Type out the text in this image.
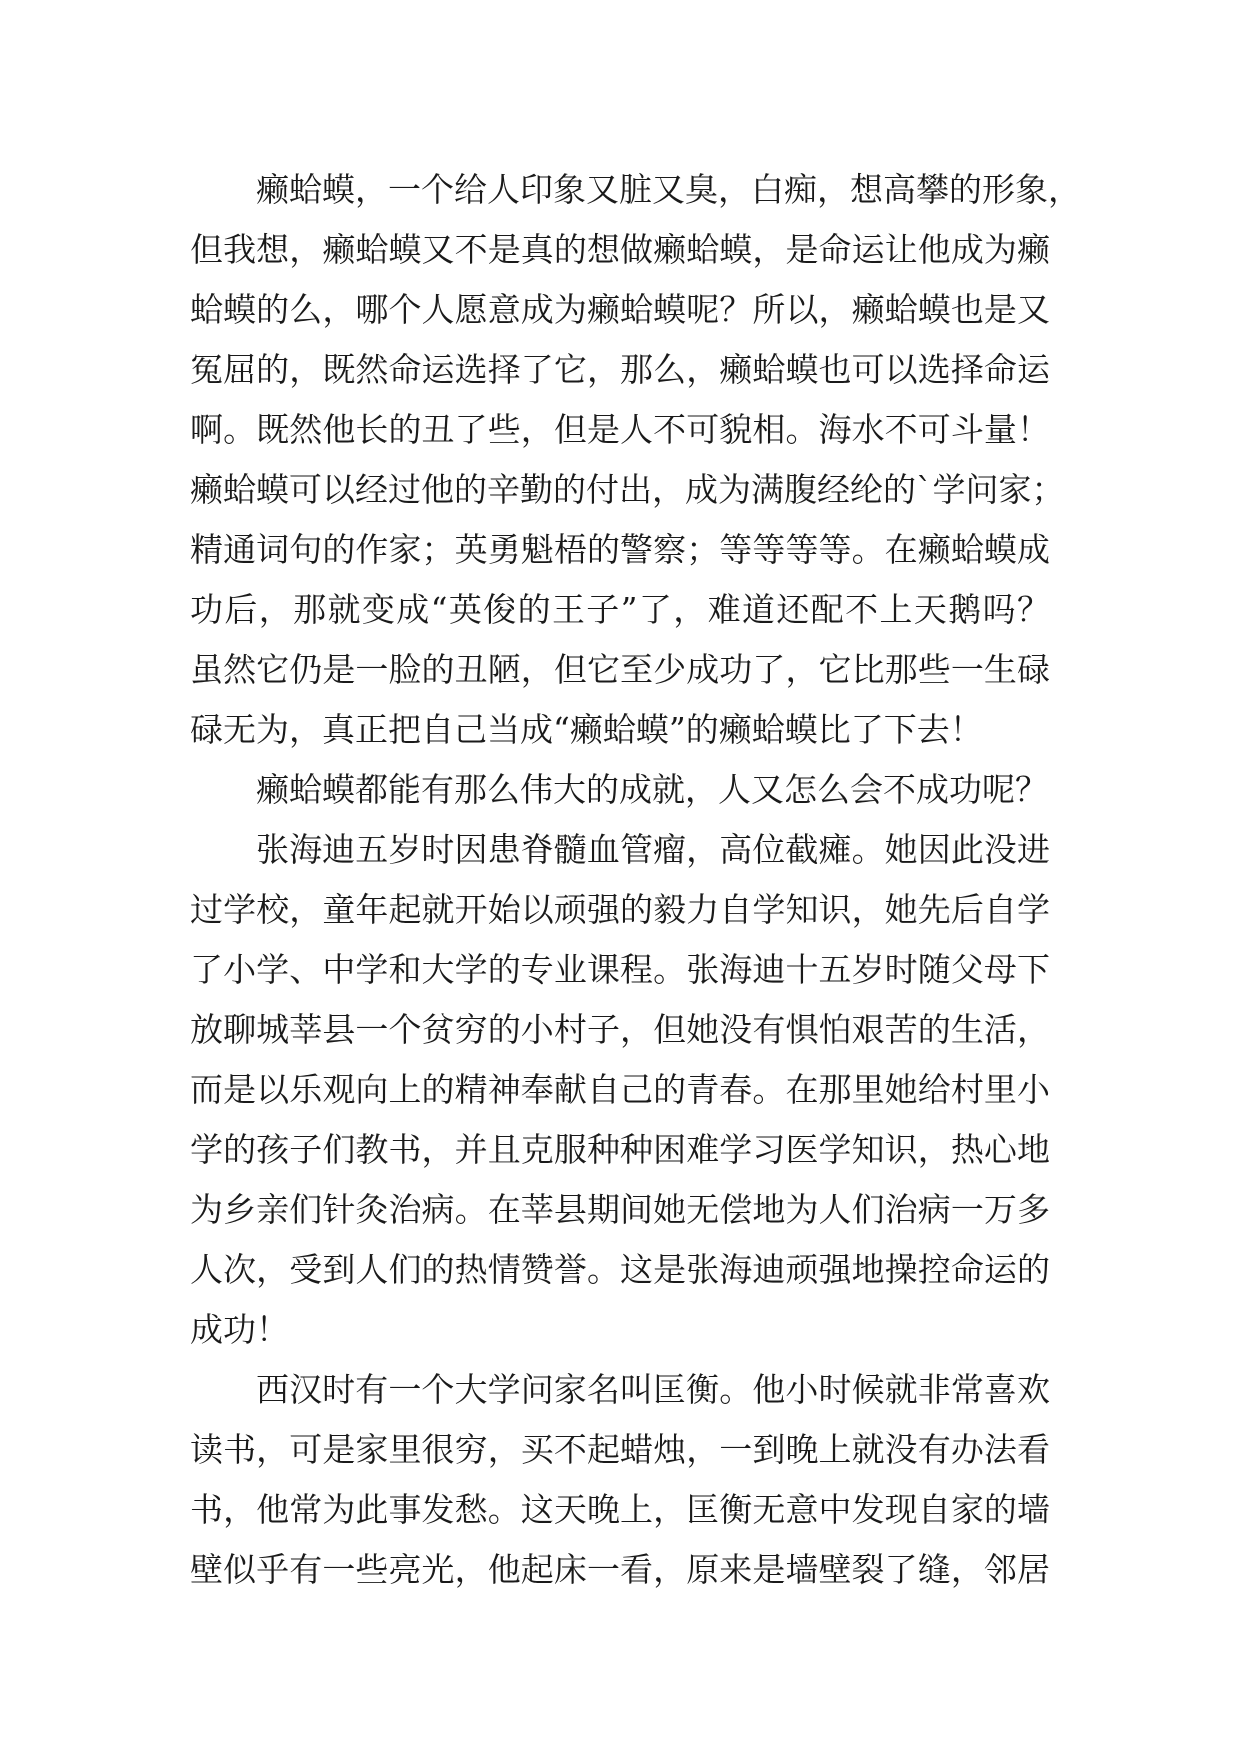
癞蛤蟆，一个给人印象又脏又臭，白痴，想高攀的形象，
但我想，癞蛤蟆又不是真的想做癞蛤蟆，是命运让他成为癞
蛤蟆的么，哪个人愿意成为癞蛤蟆呢？所以，癞蛤蟆也是又
冤屈的，既然命运选择了它，那么，癞蛤蟆也可以选择命运
啊。既然他长的丑了些，但是人不可貌相。海水不可斗量！
癞蛤蟆可以经过他的辛勤的付出，成为满腹经纶的`学问家；
精通词句的作家；英勇魁梧的警察；等等等等。在癞蛤蟆成
功后，那就变成“英俊的王子”了，难道还配不上天鹅吗？
虽然它仍是一脸的丑陋，但它至少成功了，它比那些一生碌
碌无为，真正把自己当成“癞蛤蟆”的癞蛤蟆比了下去！
癞蛤蟆都能有那么伟大的成就，人又怎么会不成功呢？
张海迪五岁时因患脊髓血管瘤，高位截瘫。她因此没进
过学校，童年起就开始以顽强的毅力自学知识，她先后自学
了小学、中学和大学的专业课程。张海迪十五岁时随父母下
放聊城莘县一个贫穷的小村子，但她没有惧怕艰苦的生活，
而是以乐观向上的精神奉献自己的青春。在那里她给村里小
学的孩子们教书，并且克服种种困难学习医学知识，热心地
为乡亲们针灸治病。在莘县期间她无偿地为人们治病一万多
人次，受到人们的热情赞誉。这是张海迪顽强地操控命运的
成功！
西汉时有一个大学问家名叫匡衡。他小时候就非常喜欢
读书，可是家里很穷，买不起蜡烛，一到晚上就没有办法看
书，他常为此事发愁。这天晚上，匡衡无意中发现自家的墙
壁似乎有一些亮光，他起床一看，原来是墙壁裂了缝，邻居
